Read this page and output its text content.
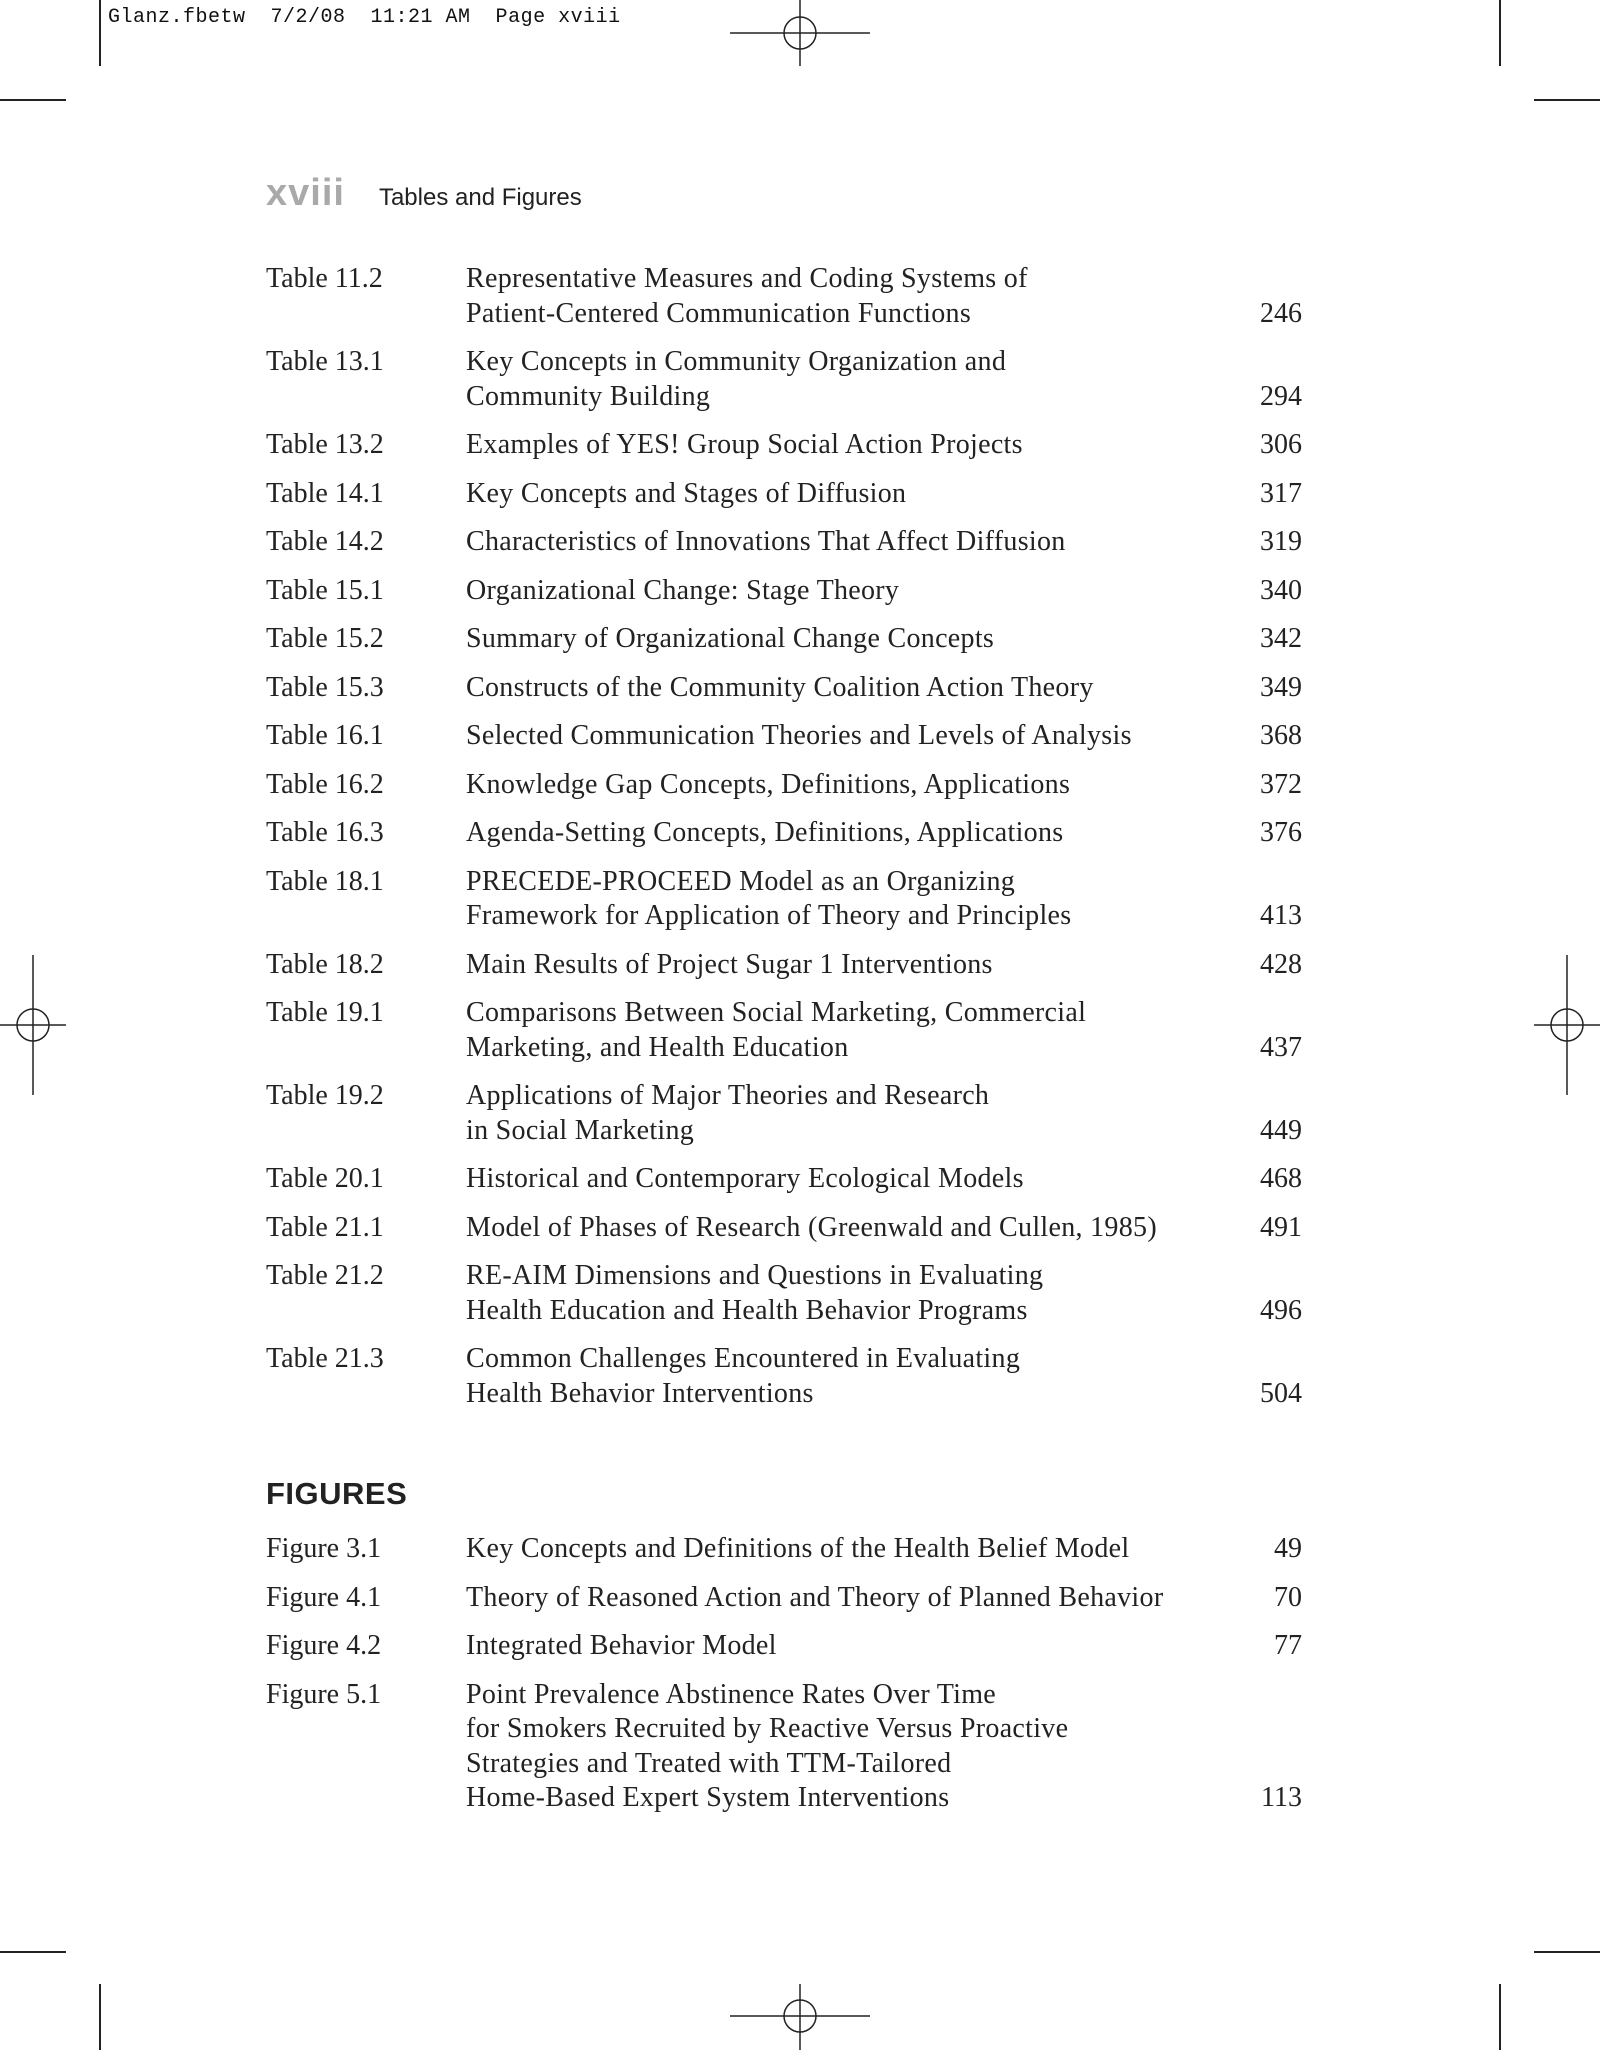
Glanz.fbetw  7/2/08  11:21 AM  Page xviii
xviii Tables and Figures
Table 11.2	Representative Measures and Coding Systems of
Patient-Centered Communication Functions	246
Table 13.1	Key Concepts in Community Organization and
Community Building	294
Table 13.2	Examples of YES! Group Social Action Projects	306
Table 14.1	Key Concepts and Stages of Diffusion	317
Table 14.2	Characteristics of Innovations That Affect Diffusion	319
Table 15.1	Organizational Change: Stage Theory	340
Table 15.2	Summary of Organizational Change Concepts	342
Table 15.3	Constructs of the Community Coalition Action Theory	349
Table 16.1	Selected Communication Theories and Levels of Analysis	368
Table 16.2	Knowledge Gap Concepts, Definitions, Applications	372
Table 16.3	Agenda-Setting Concepts, Definitions, Applications	376
Table 18.1	PRECEDE-PROCEED Model as an Organizing
Framework for Application of Theory and Principles	413
Table 18.2	Main Results of Project Sugar 1 Interventions	428
Table 19.1	Comparisons Between Social Marketing, Commercial
Marketing, and Health Education	437
Table 19.2	Applications of Major Theories and Research
in Social Marketing	449
Table 20.1	Historical and Contemporary Ecological Models	468
Table 21.1	Model of Phases of Research (Greenwald and Cullen, 1985)	491
Table 21.2	RE-AIM Dimensions and Questions in Evaluating
Health Education and Health Behavior Programs	496
Table 21.3	Common Challenges Encountered in Evaluating
Health Behavior Interventions	504
FIGURES
Figure 3.1	Key Concepts and Definitions of the Health Belief Model	49
Figure 4.1	Theory of Reasoned Action and Theory of Planned Behavior	70
Figure 4.2	Integrated Behavior Model	77
Figure 5.1	Point Prevalence Abstinence Rates Over Time
for Smokers Recruited by Reactive Versus Proactive
Strategies and Treated with TTM-Tailored
Home-Based Expert System Interventions	113
